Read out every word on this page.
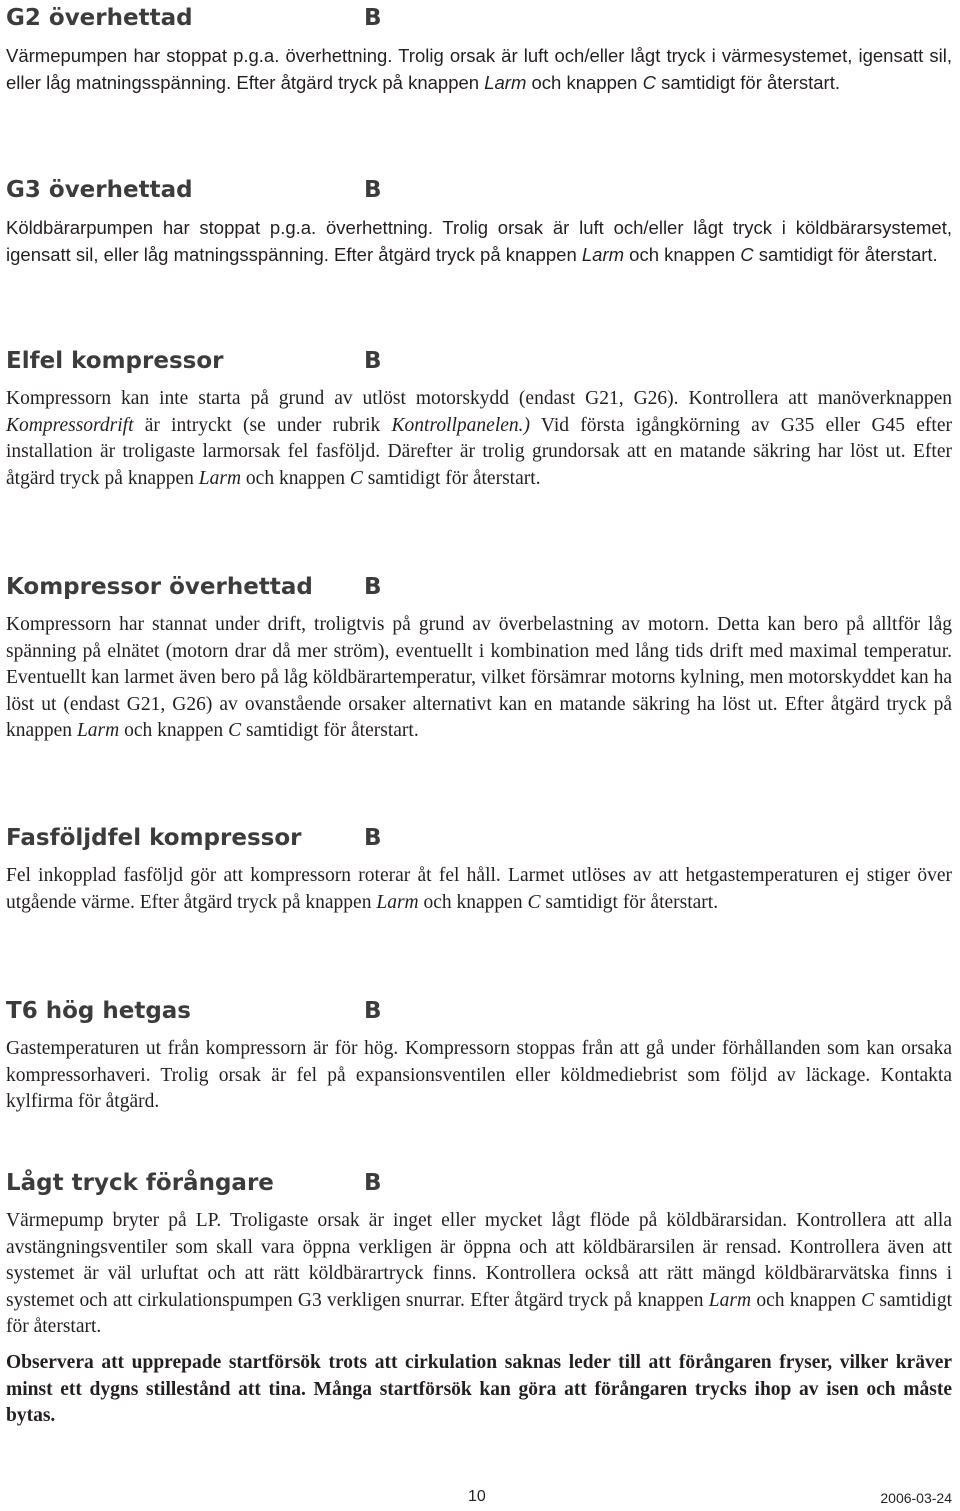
G2 överhettad	B
Värmepumpen har stoppat p.g.a. överhettning. Trolig orsak är luft och/eller lågt tryck i värmesystemet, igensatt sil, eller låg matningsspänning. Efter åtgärd tryck på knappen Larm och knappen C samtidigt för återstart.
G3 överhettad	B
Köldbärarpumpen har stoppat p.g.a. överhettning. Trolig orsak är luft och/eller lågt tryck i köldbärarsystemet, igensatt sil, eller låg matningsspänning. Efter åtgärd tryck på knappen Larm och knappen C samtidigt för återstart.
Elfel kompressor	B
Kompressorn kan inte starta på grund av utlöst motorskydd (endast G21, G26). Kontrollera att manöverknappen Kompressordrift är intryckt (se under rubrik Kontrollpanelen.) Vid första igångkörning av G35 eller G45 efter installation är troligaste larmorsak fel fasföljd. Därefter är trolig grundorsak att en matande säkring har löst ut. Efter åtgärd tryck på knappen Larm och knappen C samtidigt för återstart.
Kompressor överhettad B
Kompressorn har stannat under drift, troligtvis på grund av överbelastning av motorn. Detta kan bero på alltför låg spänning på elnätet (motorn drar då mer ström), eventuellt i kombination med lång tids drift med maximal temperatur. Eventuellt kan larmet även bero på låg köldbärartemperatur, vilket försämrar motorns kylning, men motorskyddet kan ha löst ut (endast G21, G26) av ovanstående orsaker alternativt kan en matande säkring ha löst ut. Efter åtgärd tryck på knappen Larm och knappen C samtidigt för återstart.
Fasföljdfel kompressor	B
Fel inkopplad fasföljd gör att kompressorn roterar åt fel håll. Larmet utlöses av att hetgastemperaturen ej stiger över utgående värme. Efter åtgärd tryck på knappen Larm och knappen C samtidigt för återstart.
T6 hög hetgas	B
Gastemperaturen ut från kompressorn är för hög. Kompressorn stoppas från att gå under förhållanden som kan orsaka kompressorhaveri. Trolig orsak är fel på expansionsventilen eller köldmediebrist som följd av läckage. Kontakta kylfirma för åtgärd.
Lågt tryck förångare	B
Värmepump bryter på LP. Troligaste orsak är inget eller mycket lågt flöde på köldbärarsidan. Kontrollera att alla avstängningsventiler som skall vara öppna verkligen är öppna och att köldbärarsilen är rensad. Kontrollera även att systemet är väl urluftat och att rätt köldbärartryck finns. Kontrollera också att rätt mängd köldbärarvätska finns i systemet och att cirkulationspumpen G3 verkligen snurrar. Efter åtgärd tryck på knappen Larm och knappen C samtidigt för återstart.
Observera att upprepade startförsök trots att cirkulation saknas leder till att förångaren fryser, vilker kräver minst ett dygns stillestånd att tina. Många startförsök kan göra att förångaren trycks ihop av isen och måste bytas.
10	2006-03-24
